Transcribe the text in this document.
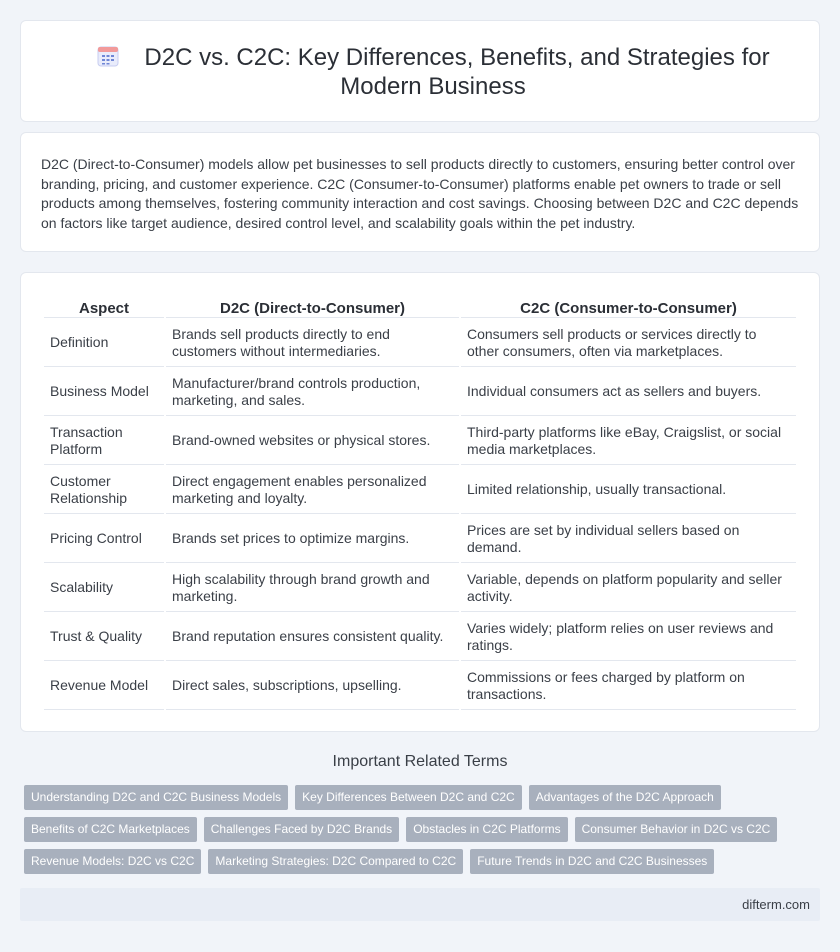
D2C vs. C2C: Key Differences, Benefits, and Strategies for Modern Business

D2C (Direct-to-Consumer) models allow pet businesses to sell products directly to customers, ensuring better control over branding, pricing, and customer experience. C2C (Consumer-to-Consumer) platforms enable pet owners to trade or sell products among themselves, fostering community interaction and cost savings. Choosing between D2C and C2C depends on factors like target audience, desired control level, and scalability goals within the pet industry.

Aspect	D2C (Direct-to-Consumer)	C2C (Consumer-to-Consumer)
Definition	Brands sell products directly to end customers without intermediaries.	Consumers sell products or services directly to other consumers, often via marketplaces.
Business Model	Manufacturer/brand controls production, marketing, and sales.	Individual consumers act as sellers and buyers.
Transaction Platform	Brand-owned websites or physical stores.	Third-party platforms like eBay, Craigslist, or social media marketplaces.
Customer Relationship	Direct engagement enables personalized marketing and loyalty.	Limited relationship, usually transactional.
Pricing Control	Brands set prices to optimize margins.	Prices are set by individual sellers based on demand.
Scalability	High scalability through brand growth and marketing.	Variable, depends on platform popularity and seller activity.
Trust & Quality	Brand reputation ensures consistent quality.	Varies widely; platform relies on user reviews and ratings.
Revenue Model	Direct sales, subscriptions, upselling.	Commissions or fees charged by platform on transactions.
Important Related Terms
Understanding D2C and C2C Business Models Key Differences Between D2C and C2C Advantages of the D2C Approach
Benefits of C2C Marketplaces Challenges Faced by D2C Brands Obstacles in C2C Platforms Consumer Behavior in D2C vs C2C
Revenue Models: D2C vs C2C Marketing Strategies: D2C Compared to C2C Future Trends in D2C and C2C Businesses
difterm.com
